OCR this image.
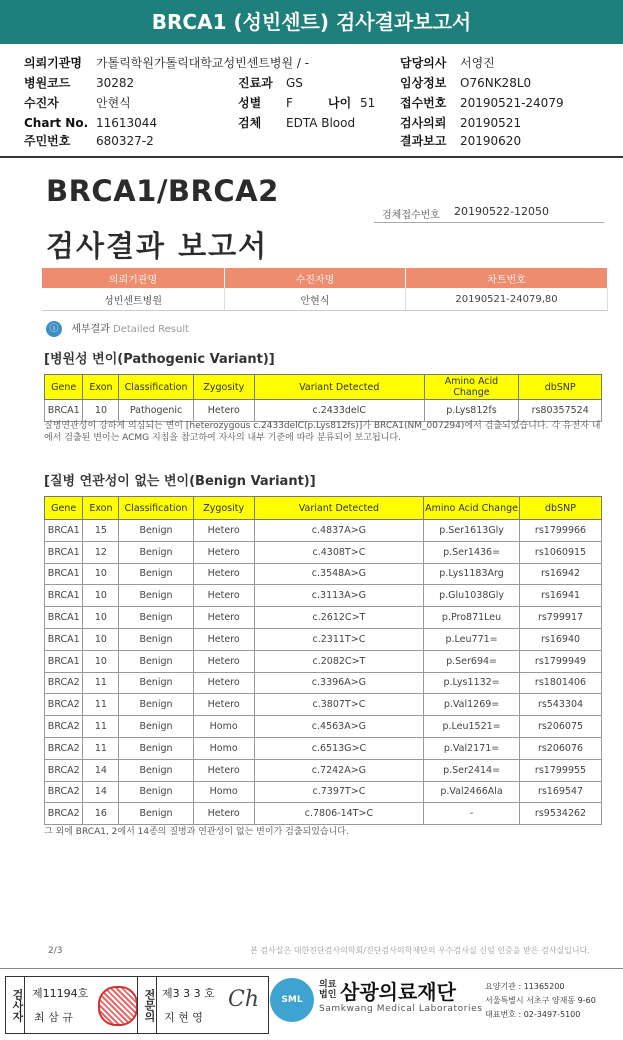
BRCA1 (성빈센트) 검사결과보고서
의뢰기관명 가톨릭학원가톨릭대학교성빈센트병원 / -	담당의사 서영진
병원코드 30282	진료과 GS	임상정보 O76NK28L0
수진자	안현식	성별 F	나이 51 접수번호 20190521-24079
Chart No. 11613044	검체 EDTA Blood	검사의뢰 20190521
주민번호 680327-2	결과보고 20190620
BRCA1/BRCA2
검사결과 보고서
검체접수번호 20190522-12050
의뢰기관명	수진자명	차트번호
성빈센트병원	안현식	20190521-24079,80
ⓘ 세부결과 Detailed Result
[병원성 변이(Pathogenic Variant)]
Gene	Exon	Classification	Zygosity	Variant Detected	Amino Acid Change	dbSNP
BRCA1	10	Pathogenic	Hetero	c.2433delC	p.Lys812fs	rs80357524
질병연관성이 강하게 의심되는 변이 [heterozygous c.2433delC(p.Lys812fs)]가 BRCA1(NM_007294)에서 검출되었습니다. 각 유전자 내에서 검출된 변이는 ACMG 지침을 참고하여 자사의 내부 기준에 따라 분류되어 보고됩니다.
[질병 연관성이 없는 변이(Benign Variant)]
Gene	Exon	Classification	Zygosity	Variant Detected	Amino Acid Change	dbSNP
BRCA1	15	Benign	Hetero	c.4837A>G	p.Ser1613Gly	rs1799966
BRCA1	12	Benign	Hetero	c.4308T>C	p.Ser1436=	rs1060915
BRCA1	10	Benign	Hetero	c.3548A>G	p.Lys1183Arg	rs16942
BRCA1	10	Benign	Hetero	c.3113A>G	p.Glu1038Gly	rs16941
BRCA1	10	Benign	Hetero	c.2612C>T	p.Pro871Leu	rs799917
BRCA1	10	Benign	Hetero	c.2311T>C	p.Leu771=	rs16940
BRCA1	10	Benign	Hetero	c.2082C>T	p.Ser694=	rs1799949
BRCA2	11	Benign	Hetero	c.3396A>G	p.Lys1132=	rs1801406
BRCA2	11	Benign	Hetero	c.3807T>C	p.Val1269=	rs543304
BRCA2	11	Benign	Homo	c.4563A>G	p.Leu1521=	rs206075
BRCA2	11	Benign	Homo	c.6513G>C	p.Val2171=	rs206076
BRCA2	14	Benign	Hetero	c.7242A>G	p.Ser2414=	rs1799955
BRCA2	14	Benign	Homo	c.7397T>C	p.Val2466Ala	rs169547
BRCA2	16	Benign	Hetero	c.7806-14T>C	-	rs9534262
그 외에 BRCA1, 2에서 14종의 질병과 연관성이 없는 변이가 검출되었습니다.
2/3	본 검사실은 대한진단검사의학회/진단검사의학재단의 우수검사실 신임 인증을 받은 검사실입니다.
검사자 제11194호
최 삼 규	전문의 제3 3 3 호
지 현 영
Ch	SML
의료
법인 삼광의료재단
Samkwang Medical Laboratories
요양기관 : 11365200
서울특별시 서초구 양재동 9-60
대표번호 : 02-3497-5100
